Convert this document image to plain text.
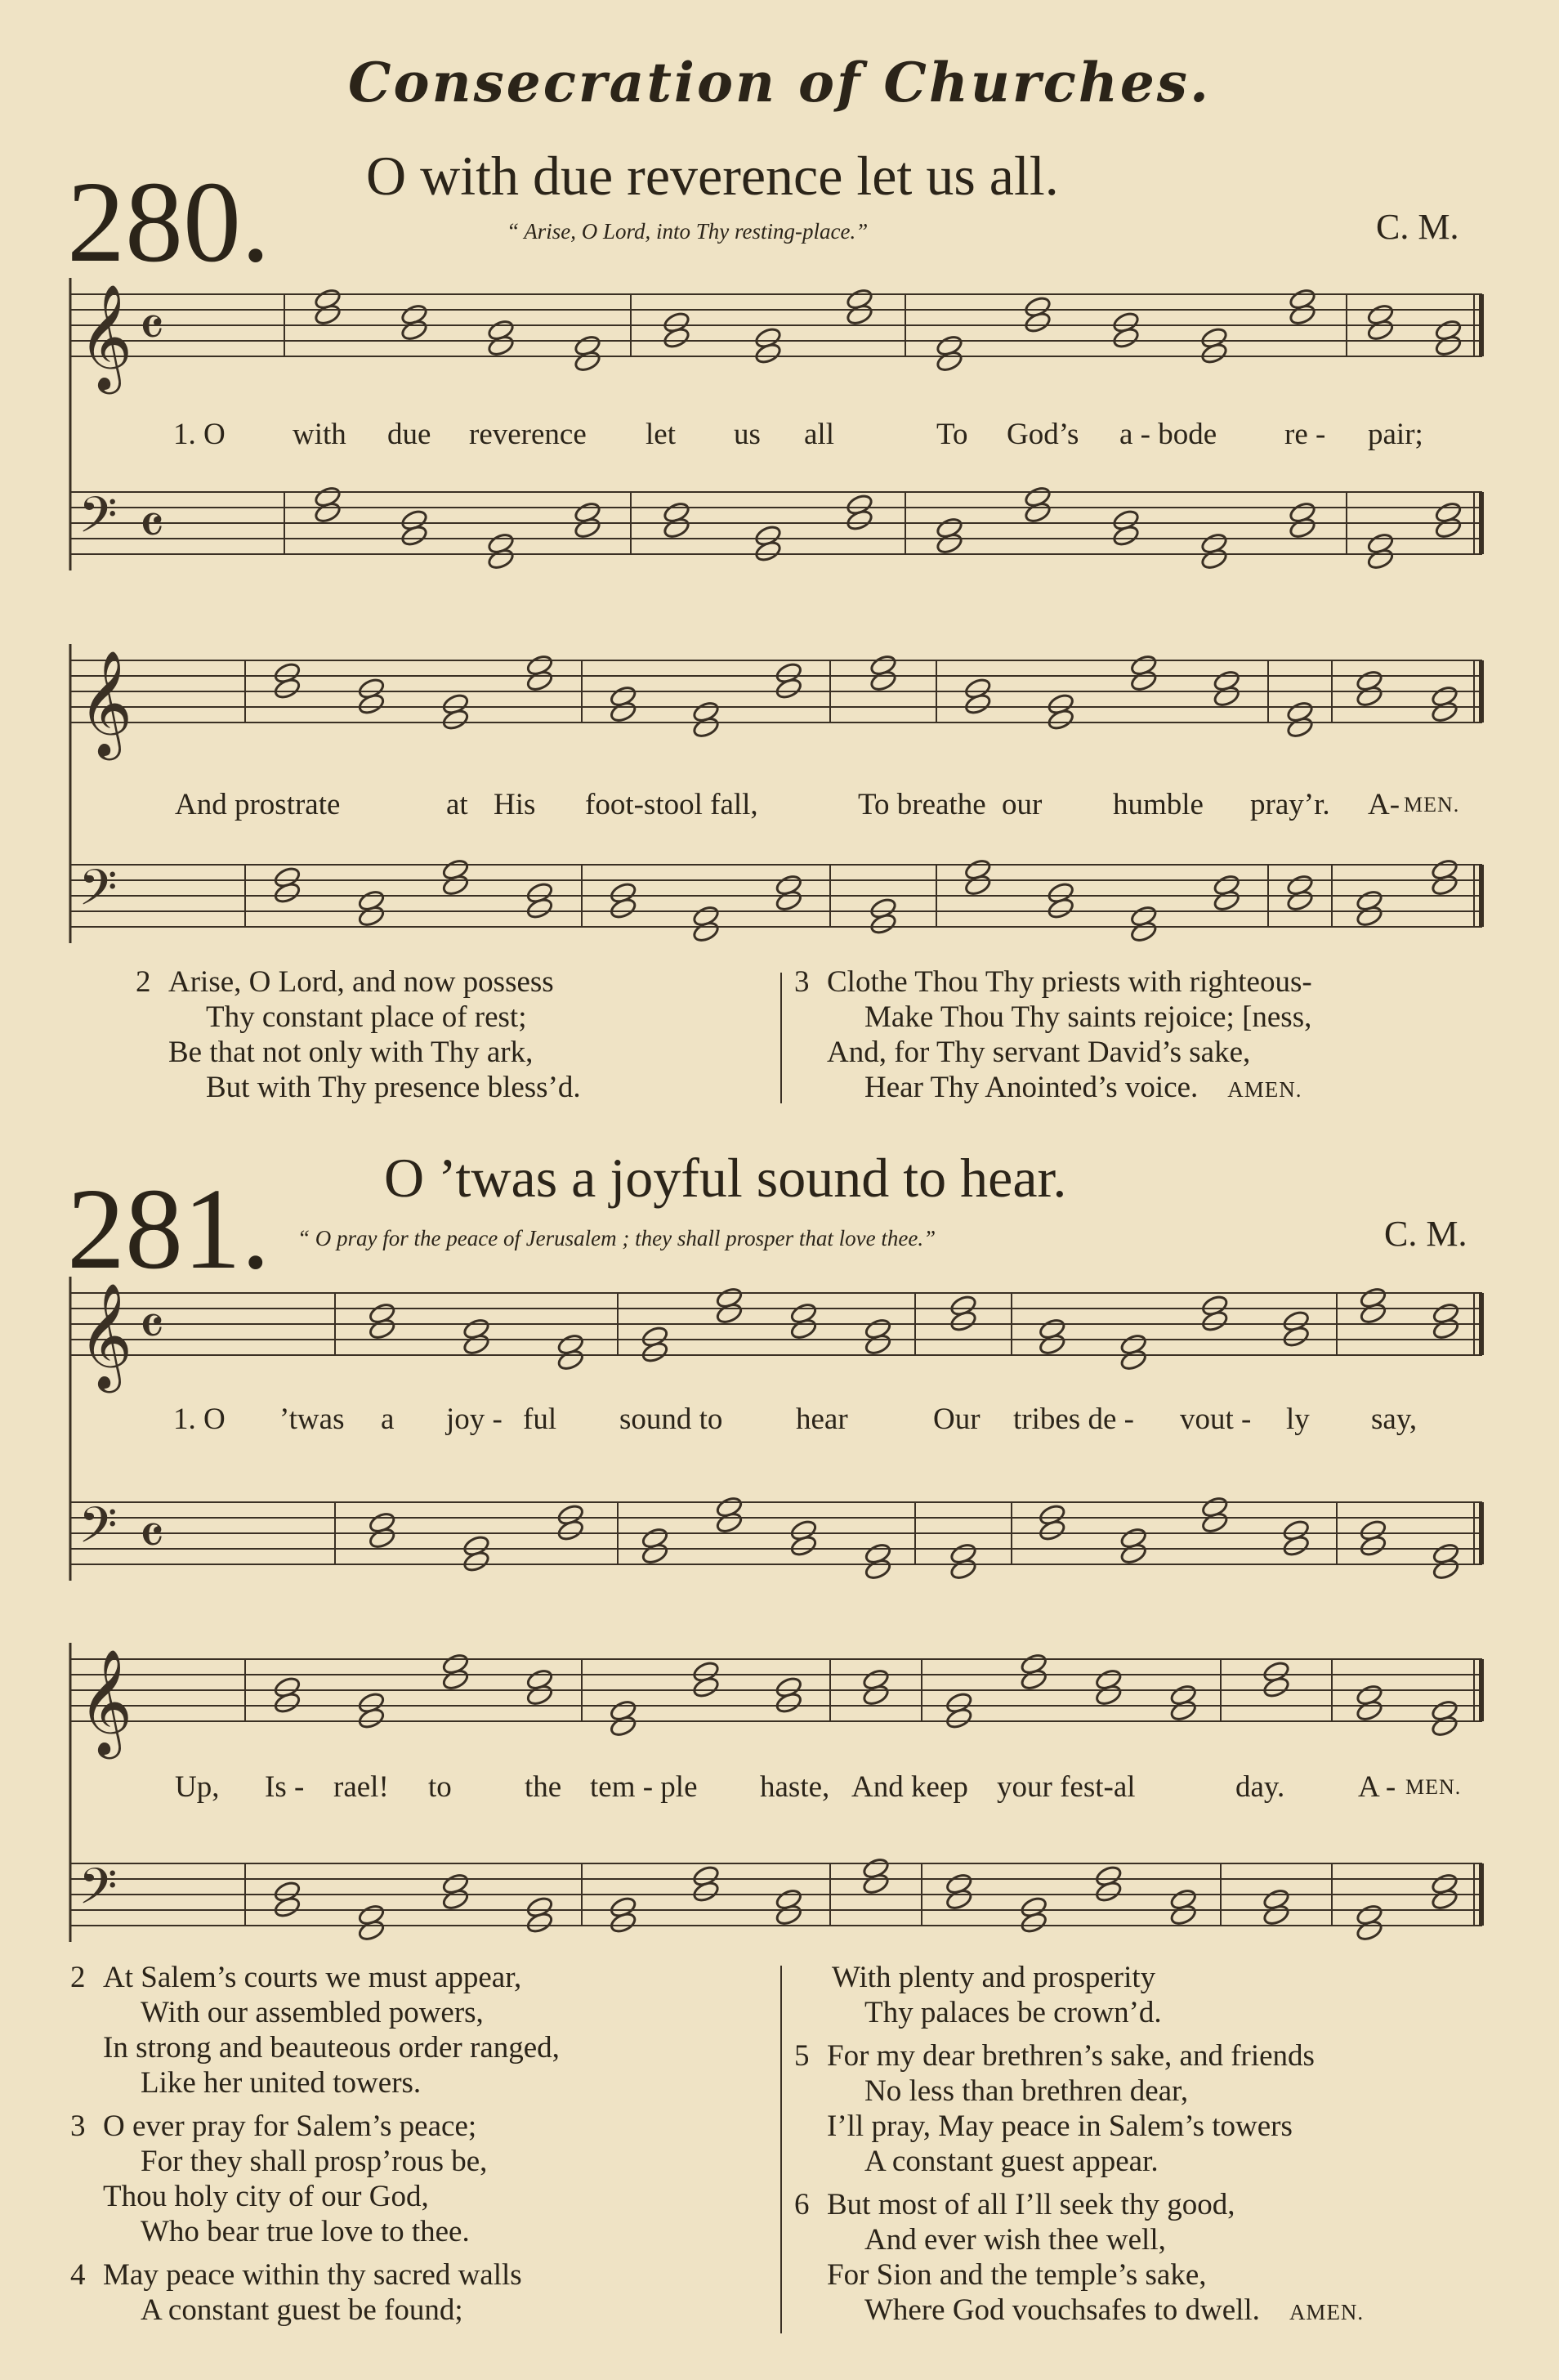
𝄞 𝄴
𝄢 𝄴
𝄞
𝄢
𝄞 𝄴
𝄢 𝄴
𝄞
𝄢
Consecration of Churches.
280. O with due reverence let us all.
“ Arise, O Lord, into Thy resting-place.”	C. M.
1. O with due reverence let us all	To God’s a - bode re - pair;
And prostrate	at His foot-stool fall,	To breathe our humble pray’r. A- MEN.
2 Arise, O Lord, and now possess
Thy constant place of rest;
Be that not only with Thy ark,
But with Thy presence bless’d.
3 Clothe Thou Thy priests with righteous-
Make Thou Thy saints rejoice; [ness,
And, for Thy servant David’s sake,
Hear Thy Anointed’s voice. AMEN.
281. O ’twas a joyful sound to hear.
“ O pray for the peace of Jerusalem ; they shall prosper that love thee.”	C. M.
1. O ’twas a joy - ful sound to hear	Our tribes de - vout - ly say,
Up, Is - rael! to the tem - ple haste, And keep your fest-al	day. A - MEN.
2 At Salem’s courts we must appear,
With our assembled powers,
In strong and beauteous order ranged,
Like her united towers.
3 O ever pray for Salem’s peace;
For they shall prosp’rous be,
Thou holy city of our God,
Who bear true love to thee.
4 May peace within thy sacred walls
A constant guest be found;
With plenty and prosperity
Thy palaces be crown’d.
5 For my dear brethren’s sake, and friends
No less than brethren dear,
I’ll pray, May peace in Salem’s towers
A constant guest appear.
6 But most of all I’ll seek thy good,
And ever wish thee well,
For Sion and the temple’s sake,
Where God vouchsafes to dwell. AMEN.
